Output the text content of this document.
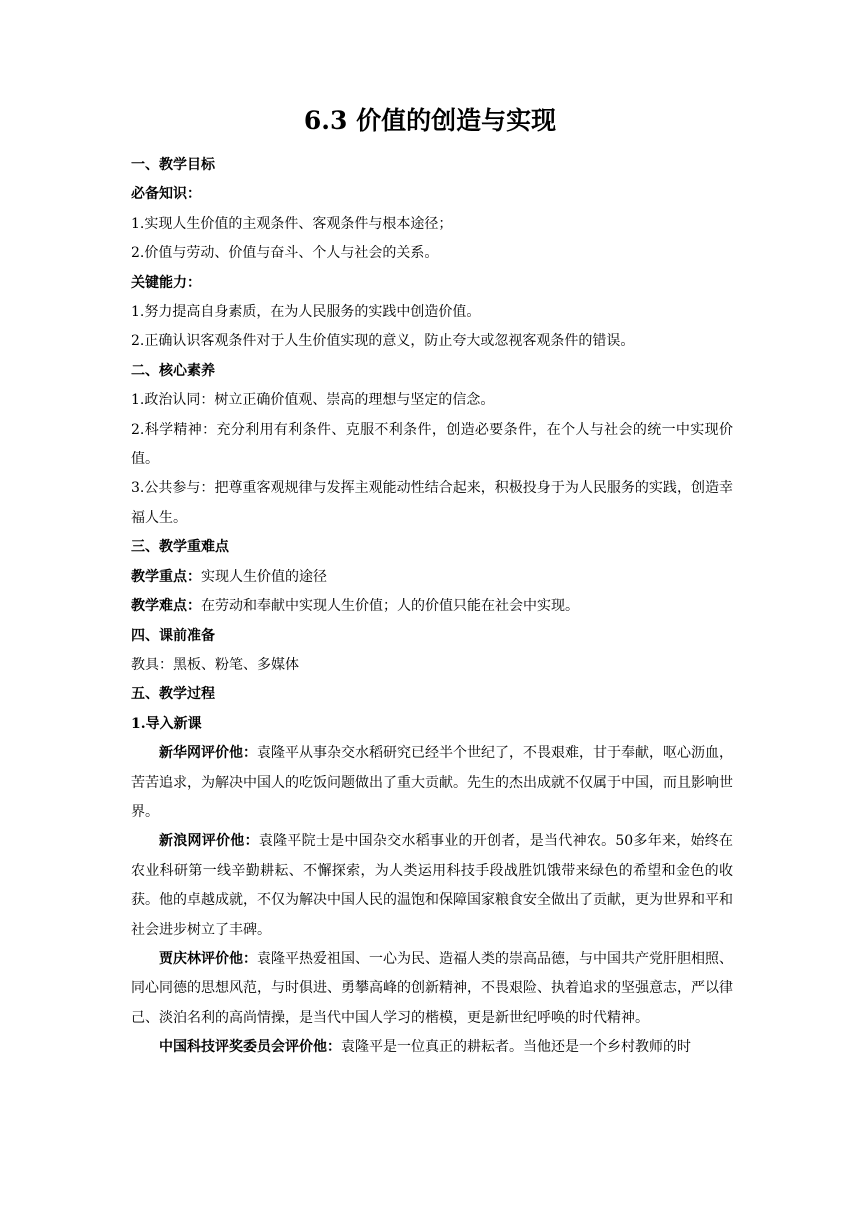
6.3 价值的创造与实现
一、教学目标
必备知识：
1.实现人生价值的主观条件、客观条件与根本途径；
2.价值与劳动、价值与奋斗、个人与社会的关系。
关键能力：
1.努力提高自身素质，在为人民服务的实践中创造价值。
2.正确认识客观条件对于人生价值实现的意义，防止夸大或忽视客观条件的错误。
二、核心素养
1.政治认同：树立正确价值观、崇高的理想与坚定的信念。
2.科学精神：充分利用有利条件、克服不利条件，创造必要条件，在个人与社会的统一中实现价值。
3.公共参与：把尊重客观规律与发挥主观能动性结合起来，积极投身于为人民服务的实践，创造幸福人生。
三、教学重难点
教学重点：实现人生价值的途径
教学难点：在劳动和奉献中实现人生价值；人的价值只能在社会中实现。
四、课前准备
教具：黑板、粉笔、多媒体
五、教学过程
1.导入新课
新华网评价他：袁隆平从事杂交水稻研究已经半个世纪了，不畏艰难，甘于奉献，呕心沥血，苦苦追求，为解决中国人的吃饭问题做出了重大贡献。先生的杰出成就不仅属于中国，而且影响世界。
新浪网评价他：袁隆平院士是中国杂交水稻事业的开创者，是当代神农。50多年来，始终在农业科研第一线辛勤耕耘、不懈探索，为人类运用科技手段战胜饥饿带来绿色的希望和金色的收获。他的卓越成就，不仅为解决中国人民的温饱和保障国家粮食安全做出了贡献，更为世界和平和社会进步树立了丰碑。
贾庆林评价他：袁隆平热爱祖国、一心为民、造福人类的崇高品德，与中国共产党肝胆相照、同心同德的思想风范，与时俱进、勇攀高峰的创新精神，不畏艰险、执着追求的坚强意志，严以律己、淡泊名利的高尚情操，是当代中国人学习的楷模，更是新世纪呼唤的时代精神。
中国科技评奖委员会评价他：袁隆平是一位真正的耕耘者。当他还是一个乡村教师的时
